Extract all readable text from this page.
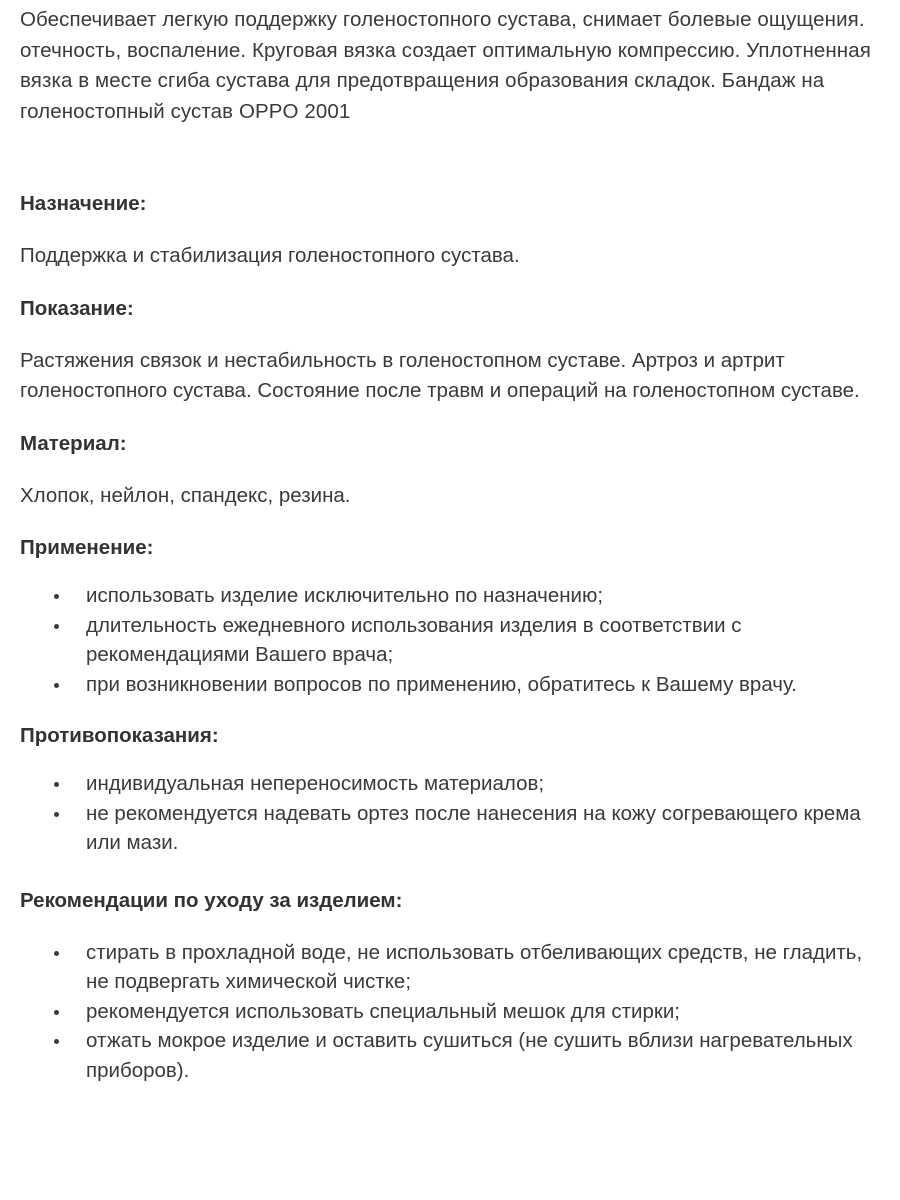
Обеспечивает легкую поддержку голеностопного сустава, снимает болевые ощущения. отечность, воспаление. Круговая вязка создает оптимальную компрессию. Уплотненная вязка в месте сгиба сустава для предотвращения образования складок. Бандаж на голеностопный сустав OPPO 2001

Назначение:

Поддержка и стабилизация голеностопного сустава.

Показание:

Растяжения связок и нестабильность в голеностопном суставе. Артроз и артрит голеностопного сустава. Состояние после травм и операций на голеностопном суставе.

Материал:

Хлопок, нейлон, спандекс, резина.

Применение:

использовать изделие исключительно по назначению;
длительность ежедневного использования изделия в соответствии с рекомендациями Вашего врача;
при возникновении вопросов по применению, обратитесь к Вашему врачу.

Противопоказания:

индивидуальная непереносимость материалов;
не рекомендуется надевать ортез после нанесения на кожу согревающего крема или мази.

Рекомендации по уходу за изделием:

стирать в прохладной воде, не использовать отбеливающих средств, не гладить, не подвергать химической чистке;
рекомендуется использовать специальный мешок для стирки;
отжать мокрое изделие и оставить сушиться (не сушить вблизи нагревательных приборов).
